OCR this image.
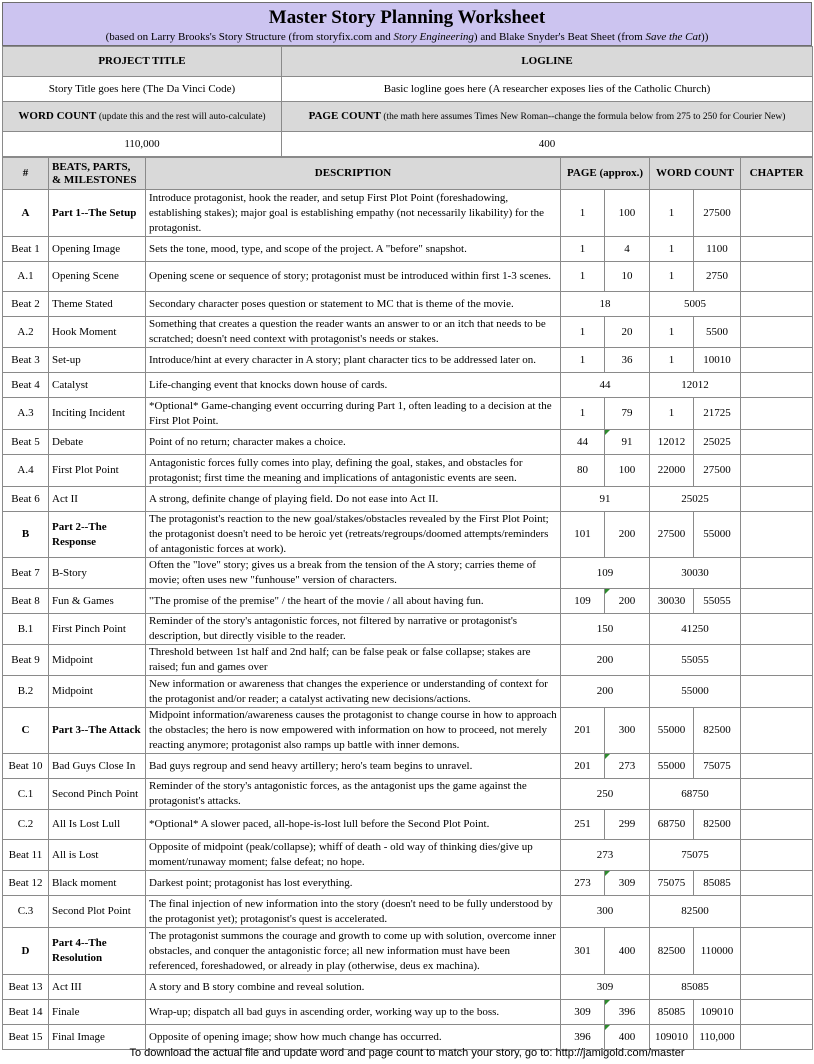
Master Story Planning Worksheet
(based on Larry Brooks's Story Structure (from storyfix.com and Story Engineering) and Blake Snyder's Beat Sheet (from Save the Cat))
PROJECT TITLE	LOGLINE
Story Title goes here (The Da Vinci Code)	Basic logline goes here (A researcher exposes lies of the Catholic Church)
WORD COUNT (update this and the rest will auto-calculate)	PAGE COUNT (the math here assumes Times New Roman--change the formula below from 275 to 250 for Courier New)
110,000	400
#	BEATS, PARTS, & MILESTONES	DESCRIPTION	PAGE (approx.)		WORD COUNT		CHAPTER
A	Part 1--The Setup	Introduce protagonist, hook the reader, and setup First Plot Point (foreshadowing, establishing stakes); major goal is establishing empathy (not necessarily likability) for the protagonist.	1	100	1	27500	
Beat 1	Opening Image	Sets the tone, mood, type, and scope of the project. A "before" snapshot.	1	4	1	1100	
A.1	Opening Scene	Opening scene or sequence of story; protagonist must be introduced within first 1-3 scenes.	1	10	1	2750	
Beat 2	Theme Stated	Secondary character poses question or statement to MC that is theme of the movie.	18		5005		
A.2	Hook Moment	Something that creates a question the reader wants an answer to or an itch that needs to be scratched; doesn't need context with protagonist's needs or stakes.	1	20	1	5500	
Beat 3	Set-up	Introduce/hint at every character in A story; plant character tics to be addressed later on.	1	36	1	10010	
Beat 4	Catalyst	Life-changing event that knocks down house of cards.	44		12012		
A.3	Inciting Incident	*Optional* Game-changing event occurring during Part 1, often leading to a decision at the First Plot Point.	1	79	1	21725	
Beat 5	Debate	Point of no return; character makes a choice.	44	91	12012	25025	
A.4	First Plot Point	Antagonistic forces fully comes into play, defining the goal, stakes, and obstacles for protagonist; first time the meaning and implications of antagonistic events are seen.	80	100	22000	27500	
Beat 6	Act II	A strong, definite change of playing field. Do not ease into Act II.	91		25025		
B	Part 2--The Response	The protagonist's reaction to the new goal/stakes/obstacles revealed by the First Plot Point; the protagonist doesn't need to be heroic yet (retreats/regroups/doomed attempts/reminders of antagonistic forces at work).	101	200	27500	55000	
Beat 7	B-Story	Often the "love" story; gives us a break from the tension of the A story; carries theme of movie; often uses new "funhouse" version of characters.	109		30030		
Beat 8	Fun & Games	"The promise of the premise" / the heart of the movie / all about having fun.	109	200	30030	55055	
B.1	First Pinch Point	Reminder of the story's antagonistic forces, not filtered by narrative or protagonist's description, but directly visible to the reader.	150		41250		
Beat 9	Midpoint	Threshold between 1st half and 2nd half; can be false peak or false collapse; stakes are raised; fun and games over	200		55055		
B.2	Midpoint	New information or awareness that changes the experience or understanding of context for the protagonist and/or reader; a catalyst activating new decisions/actions.	200		55000		
C	Part 3--The Attack	Midpoint information/awareness causes the protagonist to change course in how to approach the obstacles; the hero is now empowered with information on how to proceed, not merely reacting anymore; protagonist also ramps up battle with inner demons.	201	300	55000	82500	
Beat 10	Bad Guys Close In	Bad guys regroup and send heavy artillery; hero's team begins to unravel.	201	273	55000	75075	
C.1	Second Pinch Point	Reminder of the story's antagonistic forces, as the antagonist ups the game against the protagonist's attacks.	250		68750		
C.2	All Is Lost Lull	*Optional* A slower paced, all-hope-is-lost lull before the Second Plot Point.	251	299	68750	82500	
Beat 11	All is Lost	Opposite of midpoint (peak/collapse); whiff of death - old way of thinking dies/give up moment/runaway moment; false defeat; no hope.	273		75075		
Beat 12	Black moment	Darkest point; protagonist has lost everything.	273	309	75075	85085	
C.3	Second Plot Point	The final injection of new information into the story (doesn't need to be fully understood by the protagonist yet); protagonist's quest is accelerated.	300		82500		
D	Part 4--The Resolution	The protagonist summons the courage and growth to come up with solution, overcome inner obstacles, and conquer the antagonistic force; all new information must have been referenced, foreshadowed, or already in play (otherwise, deus ex machina).	301	400	82500	110000	
Beat 13	Act III	A story and B story combine and reveal solution.	309		85085		
Beat 14	Finale	Wrap-up; dispatch all bad guys in ascending order, working way up to the boss.	309	396	85085	109010	
Beat 15	Final Image	Opposite of opening image; show how much change has occurred.	396	400	109010	110,000	
To download the actual file and update word and page count to match your story, go to: http://jamigold.com/master
